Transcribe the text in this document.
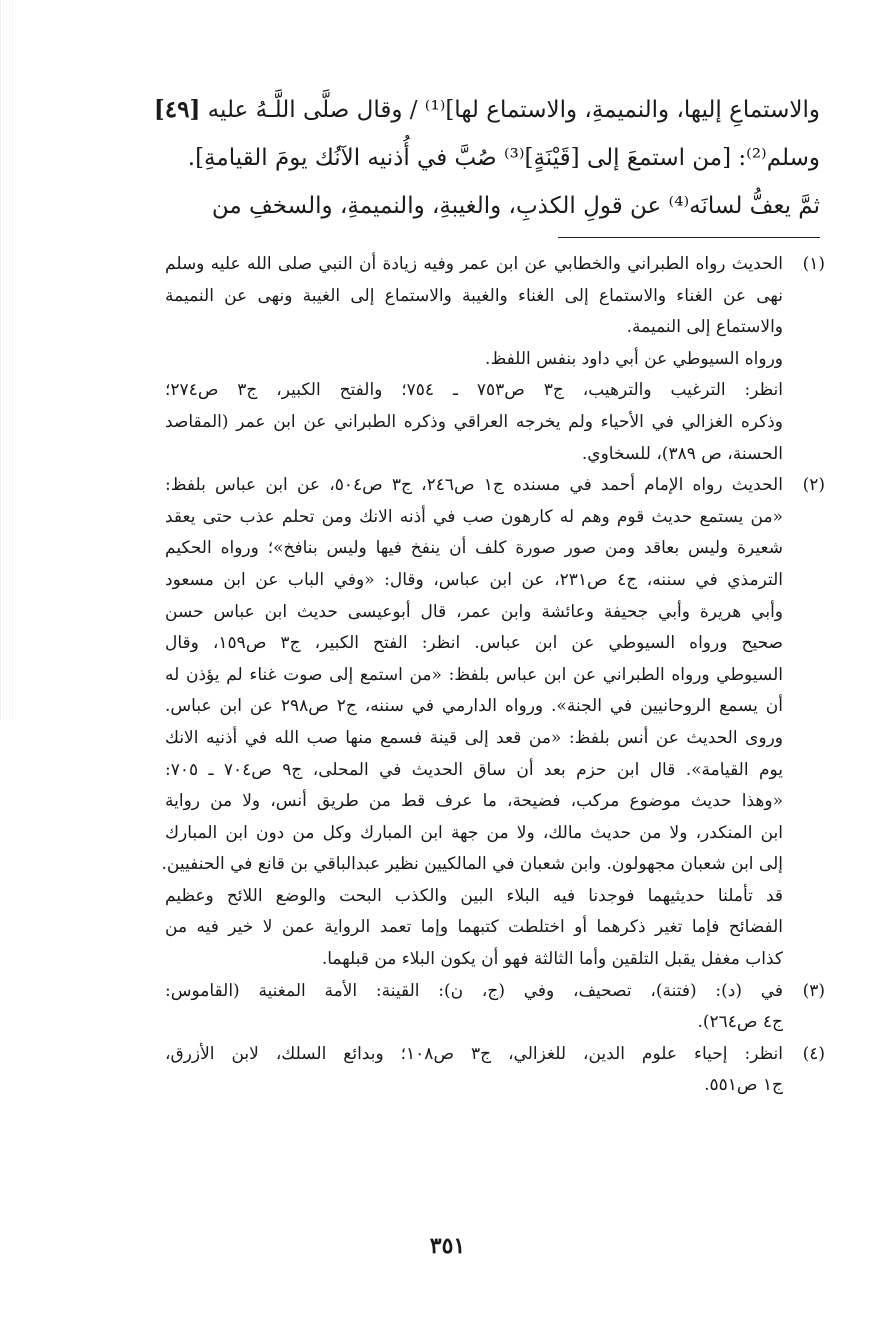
والاستماعِ إليها، والنميمةِ، والاستماع لها]⁽¹⁾ / وقال صلَّى اللَّـهُ عليه [٤٩]
وسلم⁽²⁾: [من استمعَ إلى [قَيْنَةٍ]⁽³⁾ صُبَّ في أُذنيه الآنُك يومَ القيامةِ].
ثمَّ يعفُّ لسانَه⁽⁴⁾ عن قولِ الكذبِ، والغيبةِ، والنميمةِ، والسخفِ من
(١)
الحديث رواه الطبراني والخطابي عن ابن عمر وفيه زيادة أن النبي صلى الله عليه وسلم
نهى عن الغناء والاستماع إلى الغناء والغيبة والاستماع إلى الغيبة ونهى عن النميمة
والاستماع إلى النميمة.
ورواه السيوطي عن أبي داود بنفس اللفظ.
انظر: الترغيب والترهيب، ج٣ ص٧٥٣ ـ ٧٥٤؛ والفتح الكبير، ج٣ ص٢٧٤؛
وذكره الغزالي في الأحياء ولم يخرجه العراقي وذكره الطبراني عن ابن عمر (المقاصد
الحسنة، ص ٣٨٩)، للسخاوي.
(٢)
الحديث رواه الإمام أحمد في مسنده ج١ ص٢٤٦، ج٣ ص٥٠٤، عن ابن عباس بلفظ:
«من يستمع حديث قوم وهم له كارهون صب في أذنه الانك ومن تحلم عذب حتى يعقد
شعيرة وليس بعاقد ومن صور صورة كلف أن ينفخ فيها وليس بنافخ»؛ ورواه الحكيم
الترمذي في سننه، ج٤ ص٢٣١، عن ابن عباس، وقال: «وفي الباب عن ابن مسعود
وأبي هريرة وأبي جحيفة وعائشة وابن عمر، قال أبوعيسى حديث ابن عباس حسن
صحيح ورواه السيوطي عن ابن عباس. انظر: الفتح الكبير، ج٣ ص١٥٩، وقال
السيوطي ورواه الطبراني عن ابن عباس بلفظ: «من استمع إلى صوت غناء لم يؤذن له
أن يسمع الروحانيين في الجنة». ورواه الدارمي في سننه، ج٢ ص٢٩٨ عن ابن عباس.
وروى الحديث عن أنس بلفظ: «من قعد إلى قينة فسمع منها صب الله في أذنيه الانك
يوم القيامة». قال ابن حزم بعد أن ساق الحديث في المحلى، ج٩ ص٧٠٤ ـ ٧٠٥:
«وهذا حديث موضوع مركب، فضيحة، ما عرف قط من طريق أنس، ولا من رواية
ابن المنكدر، ولا من حديث مالك، ولا من جهة ابن المبارك وكل من دون ابن المبارك
إلى ابن شعبان مجهولون. وابن شعبان في المالكيين نظير عبدالباقي بن قانع في الحنفيين.
قد تأملنا حديثيهما فوجدنا فيه البلاء البين والكذب البحت والوضع اللائح وعظيم
الفضائح فإما تغير ذكرهما أو اختلطت كتبهما وإما تعمد الرواية عمن لا خير فيه من
كذاب مغفل يقبل التلقين وأما الثالثة فهو أن يكون البلاء من قبلهما.
(٣)
في (د): (فتنة)، تصحيف، وفي (ج، ن): القينة: الأمة المغنية (القاموس:
ج٤ ص٢٦٤).
(٤)
انظر: إحياء علوم الدين، للغزالي، ج٣ ص١٠٨؛ وبدائع السلك، لابن الأزرق،
ج١ ص٥٥١.
٣٥١
